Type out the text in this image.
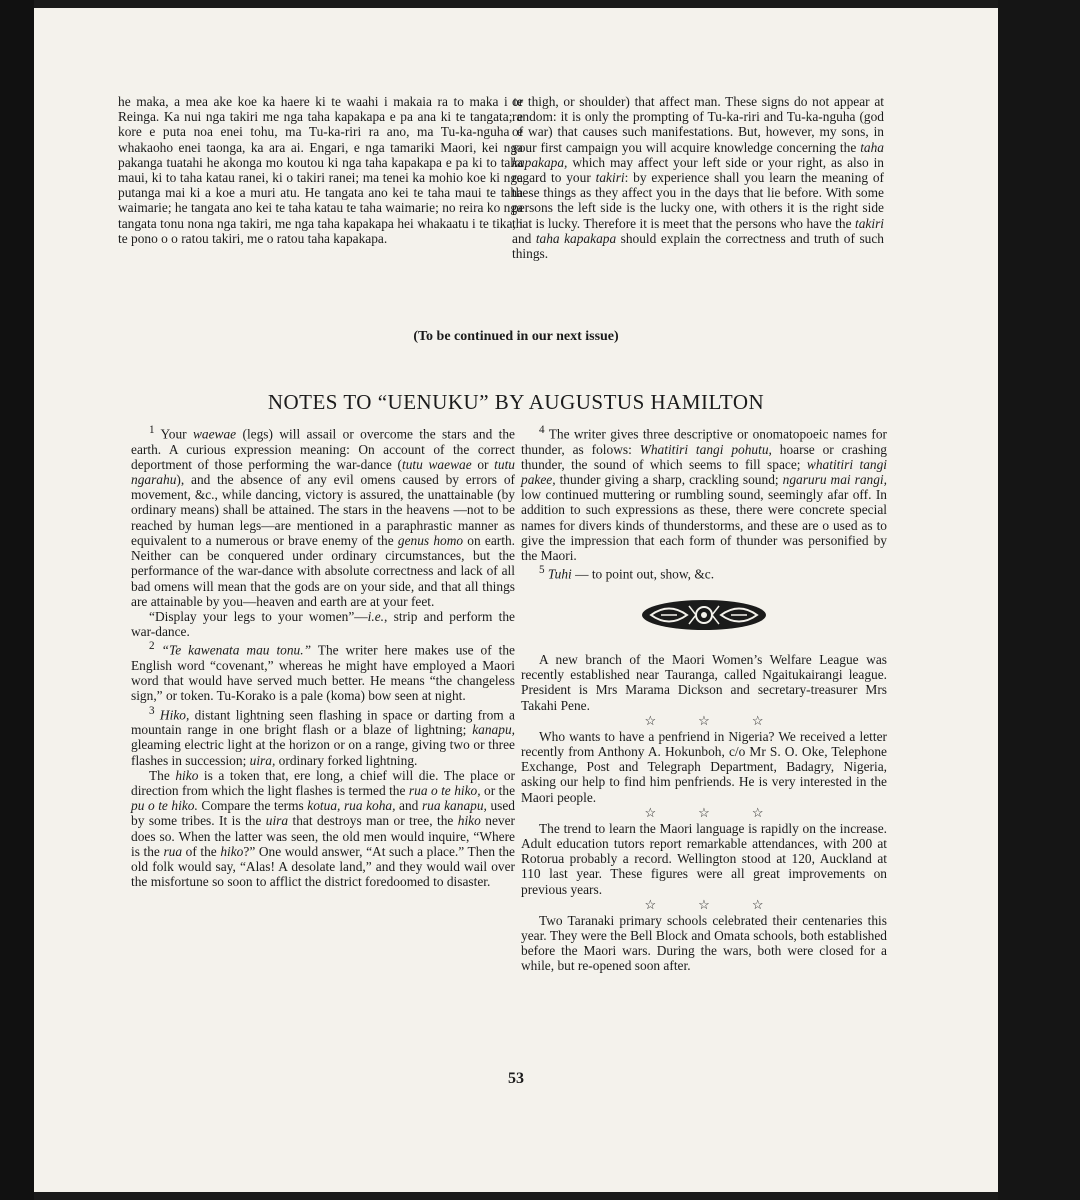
he maka, a mea ake koe ka haere ki te waahi i makaia ra to maka i te Reinga. Ka nui nga takiri me nga taha kapakapa e pa ana ki te tangata; e kore e puta noa enei tohu, ma Tu-ka-riri ra ano, ma Tu-ka-nguha e whakaoho enei taonga, ka ara ai. Engari, e nga tamariki Maori, kei nga pakanga tuatahi he akonga mo koutou ki nga taha kapakapa e pa ki to taha maui, ki to taha katau ranei, ki o takiri ranei; ma tenei ka mohio koe ki nga putanga mai ki a koe a muri atu. He tangata ano kei te taha maui te taha waimarie; he tangata ano kei te taha katau te taha waimarie; no reira ko nga tangata tonu nona nga takiri, me nga taha kapakapa hei whakaatu i te tika, i te pono o o ratou takiri, me o ratou taha kapakapa.

or thigh, or shoulder) that affect man. These signs do not appear at random: it is only the prompting of Tu-ka-riri and Tu-ka-nguha (god of war) that causes such manifestations. But, however, my sons, in your first campaign you will acquire knowledge concerning the taha kapakapa, which may affect your left side or your right, as also in regard to your takiri: by experience shall you learn the meaning of these things as they affect you in the days that lie before. With some persons the left side is the lucky one, with others it is the right side that is lucky. Therefore it is meet that the persons who have the takiri and taha kapakapa should explain the correctness and truth of such things.

(To be continued in our next issue)
NOTES TO “UENUKU” BY AUGUSTUS HAMILTON

$^1$ Your waewae (legs) will assail or overcome the stars and the earth. A curious expression meaning: On account of the correct deportment of those performing the war-dance (tutu waewae or tutu ngarahu), and the absence of any evil omens caused by errors of movement, &c., while dancing, victory is assured, the unattainable (by ordinary means) shall be attained. The stars in the heavens —not to be reached by human legs—are mentioned in a paraphrastic manner as equivalent to a numerous or brave enemy of the genus homo on earth. Neither can be conquered under ordinary circumstances, but the performance of the war-dance with absolute correctness and lack of all bad omens will mean that the gods are on your side, and that all things are attainable by you—heaven and earth are at your feet.

“Display your legs to your women”—i.e., strip and perform the war-dance.

$^2$ “Te kawenata mau tonu.” The writer here makes use of the English word “covenant,” whereas he might have employed a Maori word that would have served much better. He means “the changeless sign,” or token. Tu-Korako is a pale (koma) bow seen at night.

$^3$ Hiko, distant lightning seen flashing in space or darting from a mountain range in one bright flash or a blaze of lightning; kanapu, gleaming electric light at the horizon or on a range, giving two or three flashes in succession; uira, ordinary forked lightning.

The hiko is a token that, ere long, a chief will die. The place or direction from which the light flashes is termed the rua o te hiko, or the pu o te hiko. Compare the terms kotua, rua koha, and rua kanapu, used by some tribes. It is the uira that destroys man or tree, the hiko never does so. When the latter was seen, the old men would inquire, “Where is the rua of the hiko?” One would answer, “At such a place.” Then the old folk would say, “Alas! A desolate land,” and they would wail over the misfortune so soon to afflict the district foredoomed to disaster.

$^4$ The writer gives three descriptive or onomatopoeic names for thunder, as folows: Whatitiri tangi pohutu, hoarse or crashing thunder, the sound of which seems to fill space; whatitiri tangi pakee, thunder giving a sharp, crackling sound; ngaruru mai rangi, low continued muttering or rumbling sound, seemingly afar off. In addition to such expressions as these, there were concrete special names for divers kinds of thunderstorms, and these are o used as to give the impression that each form of thunder was personified by the Maori.

$^5$ Tuhi — to point out, show, &c.

A new branch of the Maori Women’s Welfare League was recently established near Tauranga, called Ngaitukairangi league. President is Mrs Marama Dickson and secretary-treasurer Mrs Takahi Pene.

☆☆☆

Who wants to have a penfriend in Nigeria? We received a letter recently from Anthony A. Hokunboh, c/o Mr S. O. Oke, Telephone Exchange, Post and Telegraph Department, Badagry, Nigeria, asking our help to find him penfriends. He is very interested in the Maori people.

☆☆☆

The trend to learn the Maori language is rapidly on the increase. Adult education tutors report remarkable attendances, with 200 at Rotorua probably a record. Wellington stood at 120, Auckland at 110 last year. These figures were all great improvements on previous years.

☆☆☆

Two Taranaki primary schools celebrated their centenaries this year. They were the Bell Block and Omata schools, both established before the Maori wars. During the wars, both were closed for a while, but re-opened soon after.

53
